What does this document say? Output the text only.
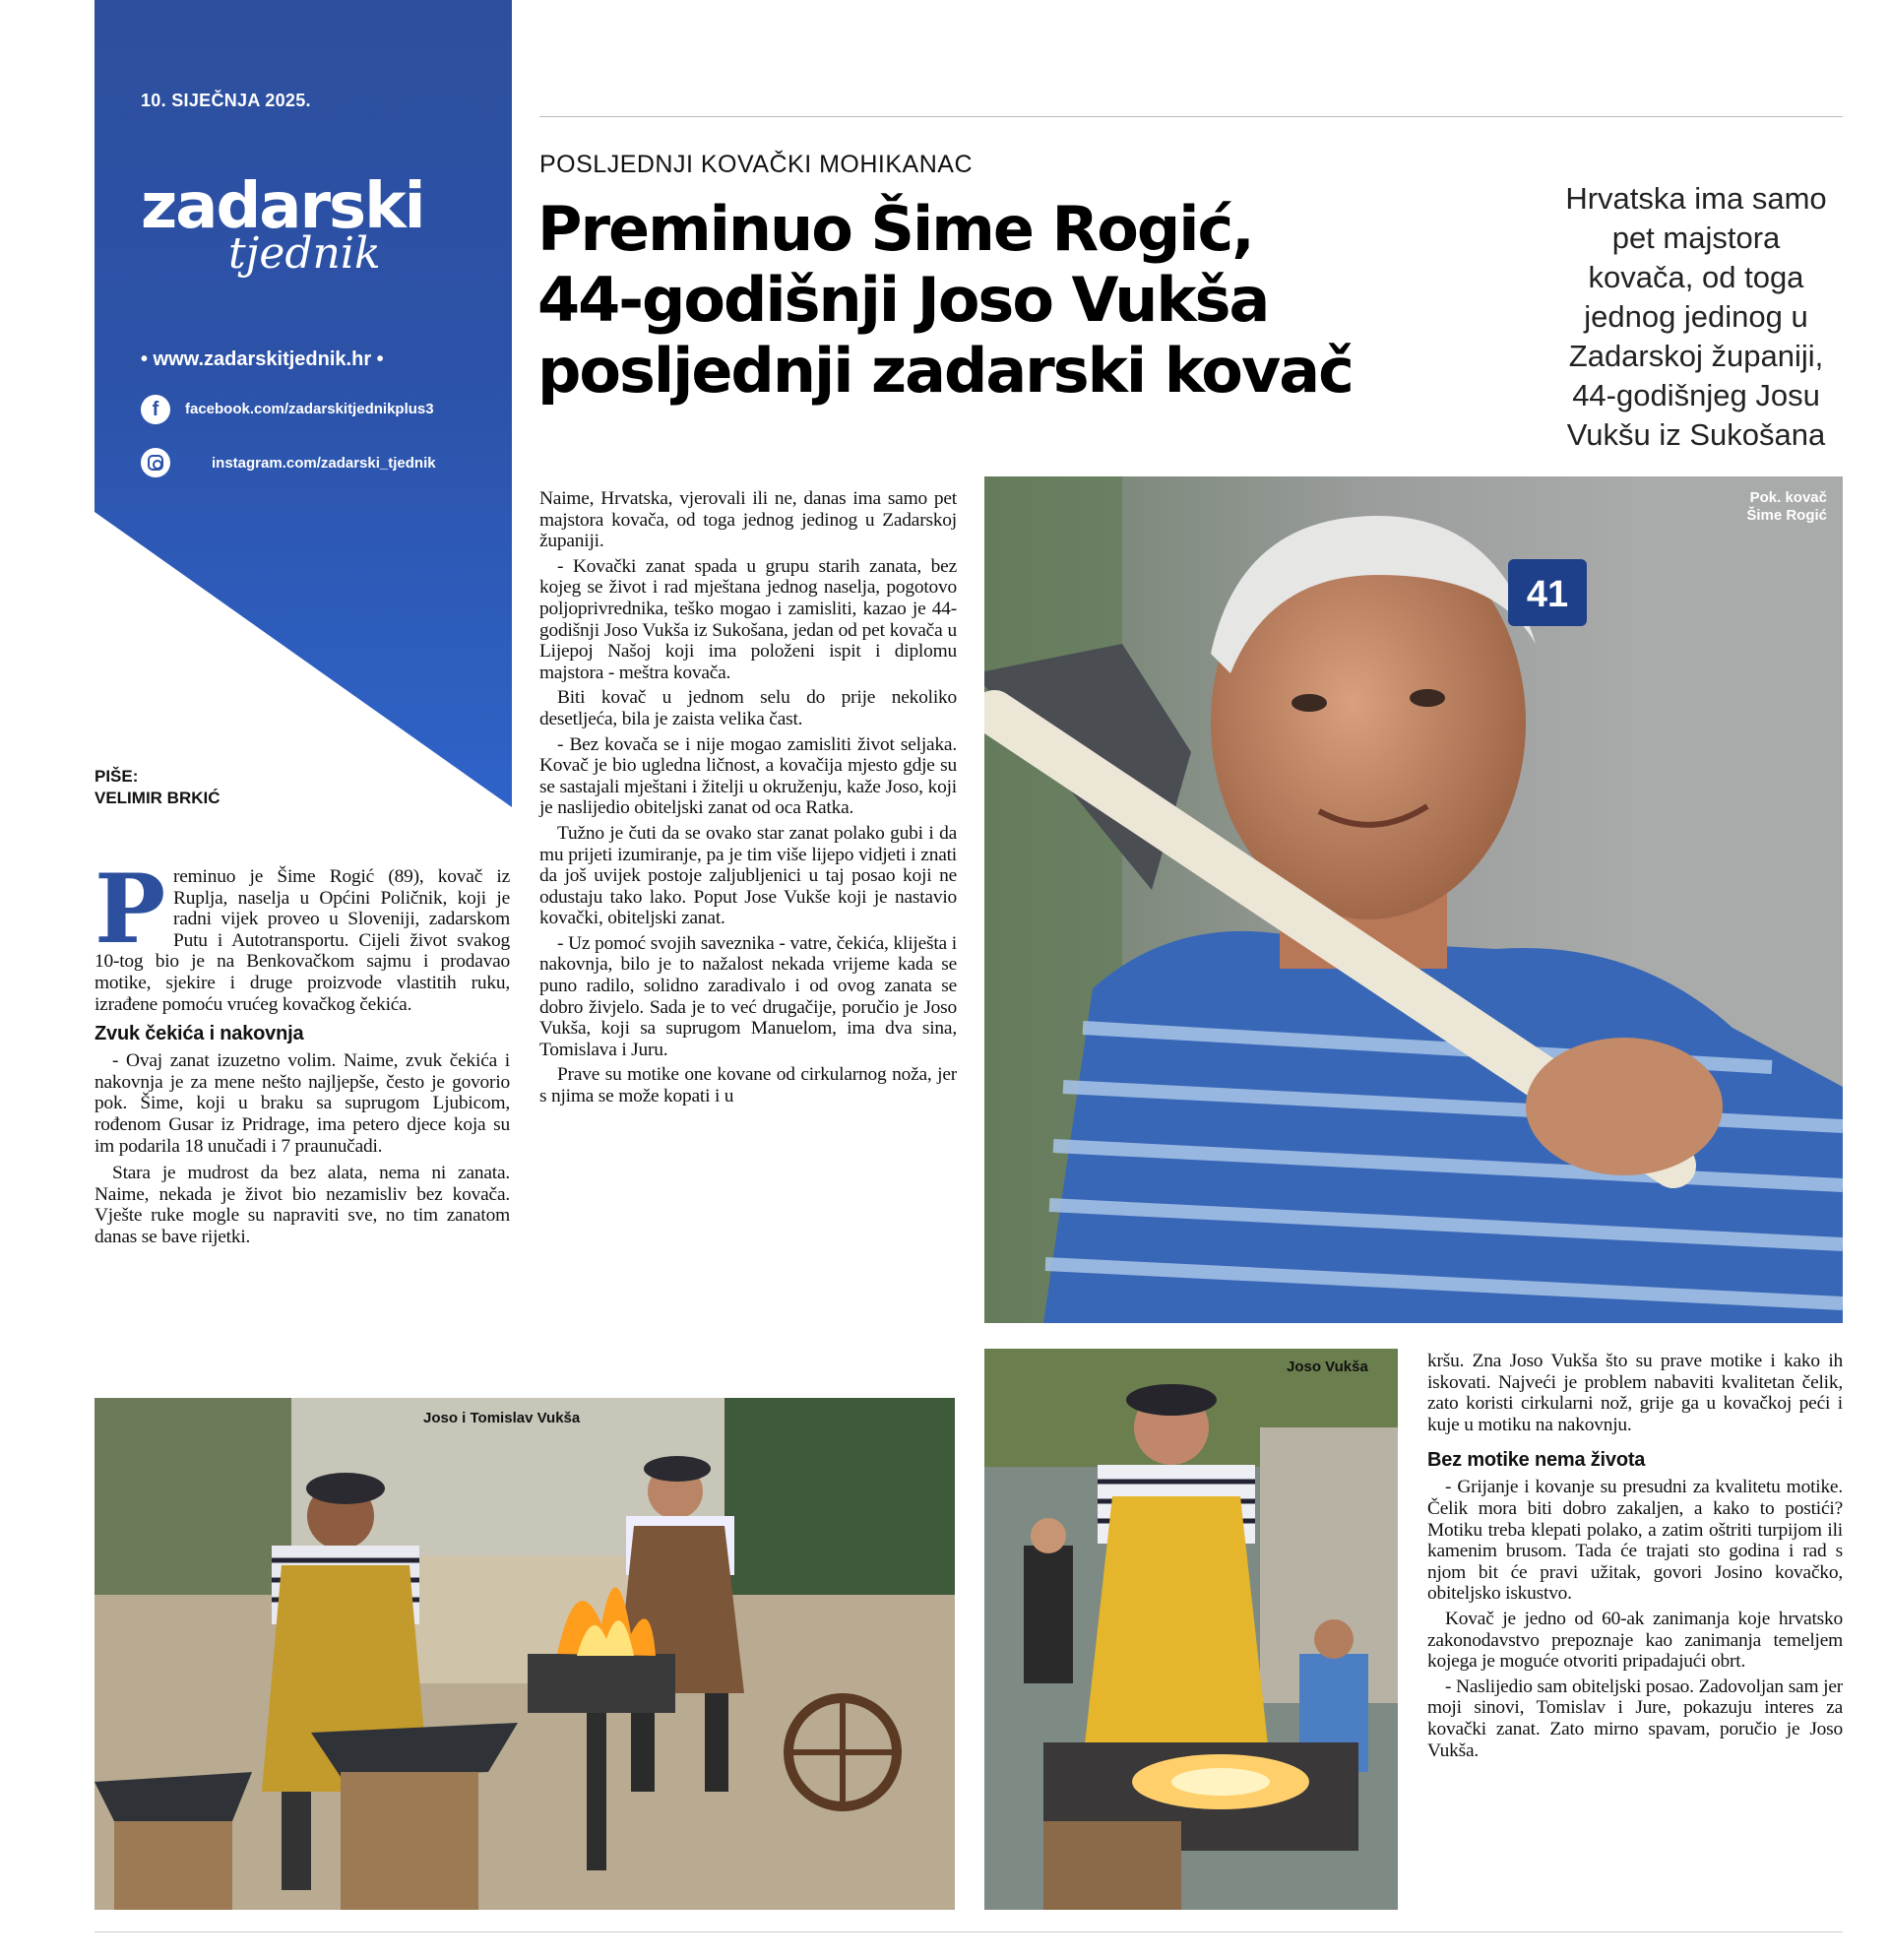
10. SIJEČNJA 2025.
zadarski
tjednik
• www.zadarskitjednik.hr •
f	facebook.com/zadarskitjednikplus3
instagram.com/zadarski_tjednik
PIŠE:
VELIMIR BRKIĆ
POSLJEDNJI KOVAČKI MOHIKANAC
Preminuo Šime Rogić,
44-godišnji Joso Vukša
posljednji zadarski kovač
Hrvatska ima samo
pet majstora
kovača, od toga
jednog jedinog u
Zadarskoj županiji,
44-godišnjeg Josu
Vukšu iz Sukošana

Preminuo je Šime Rogić (89), kovač iz Ruplja, naselja u Općini Poličnik, koji je radni vijek proveo u Sloveniji, zadarskom Putu i Autotransportu. Cijeli život svakog 10-tog bio je na Benkovačkom sajmu i prodavao motike, sjekire i druge proizvode vlastitih ruku, izrađene pomoću vrućeg kovačkog čekića.

Zvuk čekića i nakovnja

- Ovaj zanat izuzetno volim. Naime, zvuk čekića i nakovnja je za mene nešto najljepše, često je govorio pok. Šime, koji u braku sa suprugom Ljubicom, rođenom Gusar iz Pridrage, ima petero djece koja su im podarila 18 unučadi i 7 praunučadi.

Stara je mudrost da bez alata, nema ni zanata. Naime, nekada je život bio nezamisliv bez kovača. Vješte ruke mogle su napraviti sve, no tim zanatom danas se bave rijetki.

Naime, Hrvatska, vjerovali ili ne, danas ima samo pet majstora kovača, od toga jednog jedinog u Zadarskoj županiji.

- Kovački zanat spada u grupu starih zanata, bez kojeg se život i rad mještana jednog naselja, pogotovo poljoprivrednika, teško mogao i zamisliti, kazao je 44-godišnji Joso Vukša iz Sukošana, jedan od pet kovača u Lijepoj Našoj koji ima položeni ispit i diplomu majstora - meštra kovača.

Biti kovač u jednom selu do prije nekoliko desetljeća, bila je zaista velika čast.

- Bez kovača se i nije mogao zamisliti život seljaka. Kovač je bio ugledna ličnost, a kovačija mjesto gdje su se sastajali mještani i žitelji u okruženju, kaže Joso, koji je naslijedio obiteljski zanat od oca Ratka.

Tužno je čuti da se ovako star zanat polako gubi i da mu prijeti izumiranje, pa je tim više lijepo vidjeti i znati da još uvijek postoje zaljubljenici u taj posao koji ne odustaju tako lako. Poput Jose Vukše koji je nastavio kovački, obiteljski zanat.

- Uz pomoć svojih saveznika - vatre, čekića, kliješta i nakovnja, bilo je to nažalost nekada vrijeme kada se puno radilo, solidno zaradivalo i od ovog zanata se dobro živjelo. Sada je to već drugačije, poručio je Joso Vukša, koji sa suprugom Manuelom, ima dva sina, Tomislava i Juru.

Prave su motike one kovane od cirkularnog noža, jer s njima se može kopati i u

41
Pok. kovač
Šime Rogić
Joso i Tomislav Vukša
Joso Vukša	kršu. Zna Joso Vukša što su prave motike i kako ih iskovati. Najveći je problem nabaviti kvalitetan čelik, zato koristi cirkularni nož, grije ga u kovačkoj peći i kuje u motiku na nakovnju.

Bez motike nema života

- Grijanje i kovanje su presudni za kvalitetu motike. Čelik mora biti dobro zakaljen, a kako to postići? Motiku treba klepati polako, a zatim oštriti turpijom ili kamenim brusom. Tada će trajati sto godina i rad s njom bit će pravi užitak, govori Josino kovačko, obiteljsko iskustvo.

Kovač je jedno od 60-ak zanimanja koje hrvatsko zakonodavstvo prepoznaje kao zanimanja temeljem kojega je moguće otvoriti pripadajući obrt.

- Naslijedio sam obiteljski posao. Zadovoljan sam jer moji sinovi, Tomislav i Jure, pokazuju interes za kovački zanat. Zato mirno spavam, poručio je Joso Vukša.
